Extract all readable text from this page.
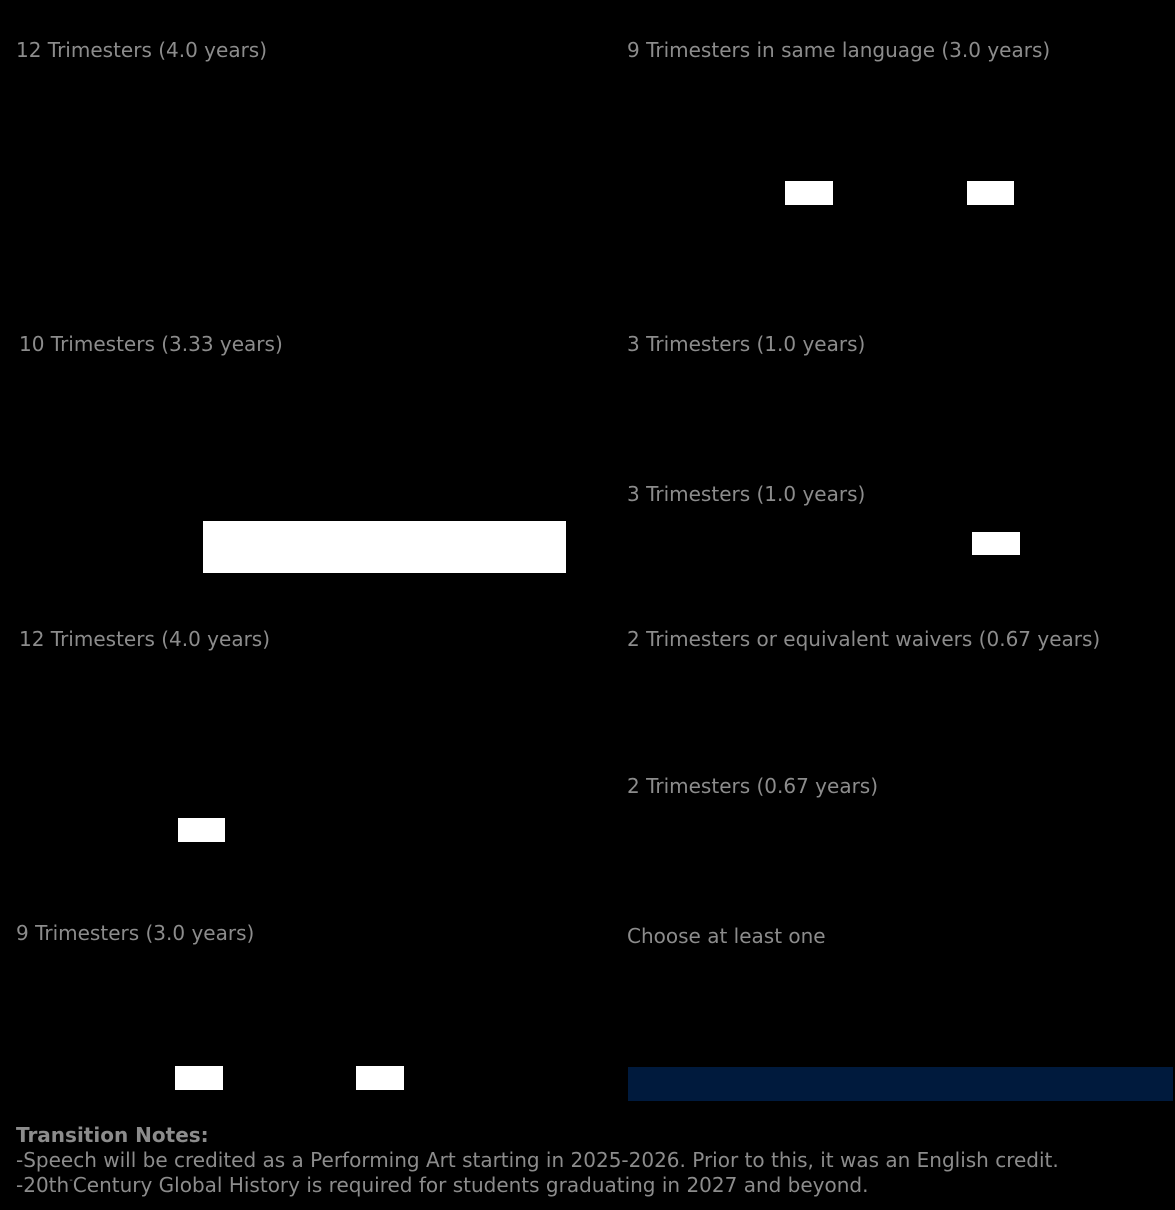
12 Trimesters (4.0 years)
10 Trimesters (3.33 years)
12 Trimesters (4.0 years)
9 Trimesters (3.0 years)
9 Trimesters in same language (3.0 years)
3 Trimesters (1.0 years)
3 Trimesters (1.0 years)
2 Trimesters or equivalent waivers (0.67 years)
2 Trimesters (0.67 years)
Choose at least one
Transition Notes:
-Speech will be credited as a Performing Art starting in 2025-2026. Prior to this, it was an English credit.
-20th-Century Global History is required for students graduating in 2027 and beyond.
